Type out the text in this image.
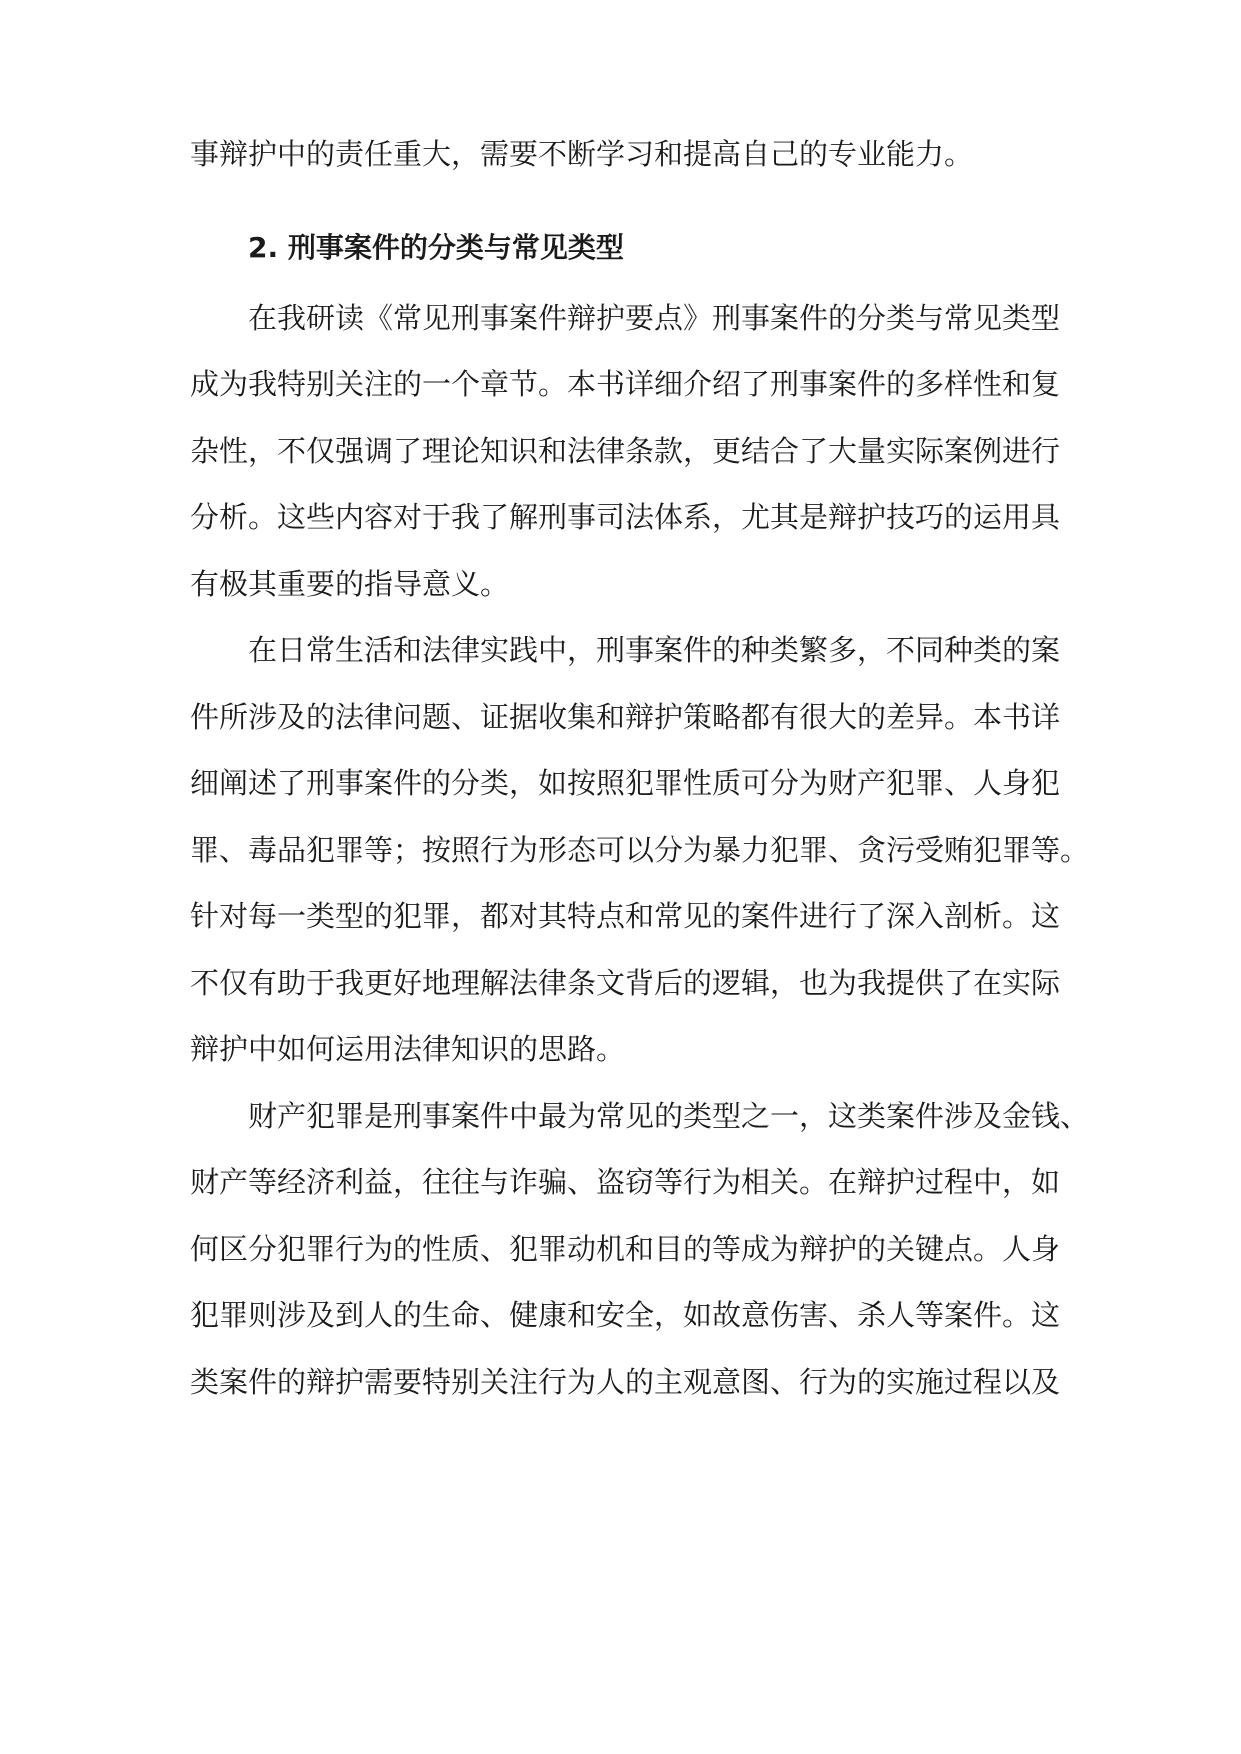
事辩护中的责任重大，需要不断学习和提高自己的专业能力。
2. 刑事案件的分类与常见类型
在我研读《常见刑事案件辩护要点》刑事案件的分类与常见类型
成为我特别关注的一个章节。本书详细介绍了刑事案件的多样性和复
杂性，不仅强调了理论知识和法律条款，更结合了大量实际案例进行
分析。这些内容对于我了解刑事司法体系，尤其是辩护技巧的运用具
有极其重要的指导意义。
在日常生活和法律实践中，刑事案件的种类繁多，不同种类的案
件所涉及的法律问题、证据收集和辩护策略都有很大的差异。本书详
细阐述了刑事案件的分类，如按照犯罪性质可分为财产犯罪、人身犯
罪、毒品犯罪等；按照行为形态可以分为暴力犯罪、贪污受贿犯罪等。
针对每一类型的犯罪，都对其特点和常见的案件进行了深入剖析。这
不仅有助于我更好地理解法律条文背后的逻辑，也为我提供了在实际
辩护中如何运用法律知识的思路。
财产犯罪是刑事案件中最为常见的类型之一，这类案件涉及金钱、
财产等经济利益，往往与诈骗、盗窃等行为相关。在辩护过程中，如
何区分犯罪行为的性质、犯罪动机和目的等成为辩护的关键点。人身
犯罪则涉及到人的生命、健康和安全，如故意伤害、杀人等案件。这
类案件的辩护需要特别关注行为人的主观意图、行为的实施过程以及
